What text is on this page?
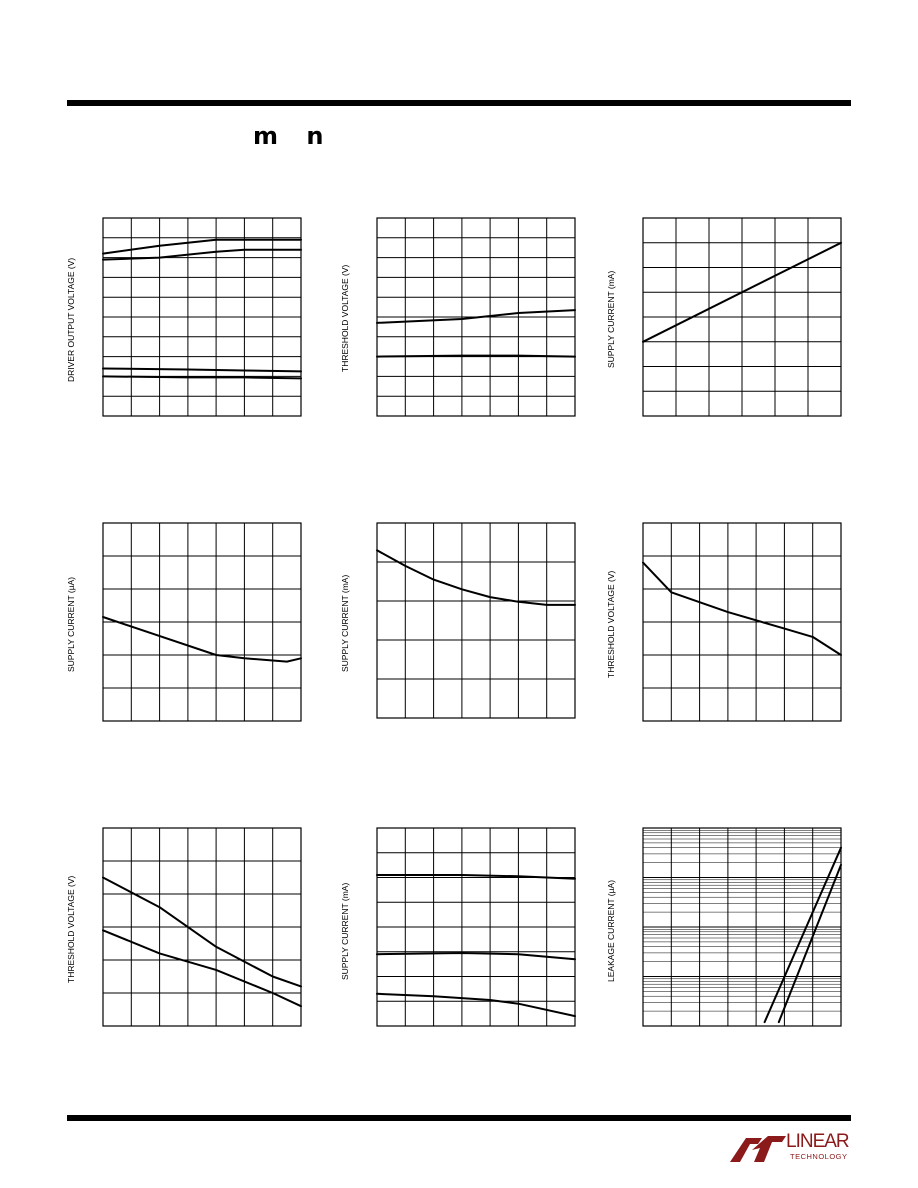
m n
DRIVER OUTPUT VOLTAGE (V)	THRESHOLD VOLTAGE (V)	SUPPLY CURRENT (mA)
SUPPLY CURRENT (µA)	SUPPLY CURRENT (mA)	THRESHOLD VOLTAGE (V)
THRESHOLD VOLTAGE (V)	SUPPLY CURRENT (mA)	LEAKAGE CURRENT (µA)
LINEAR
TECHNOLOGY
